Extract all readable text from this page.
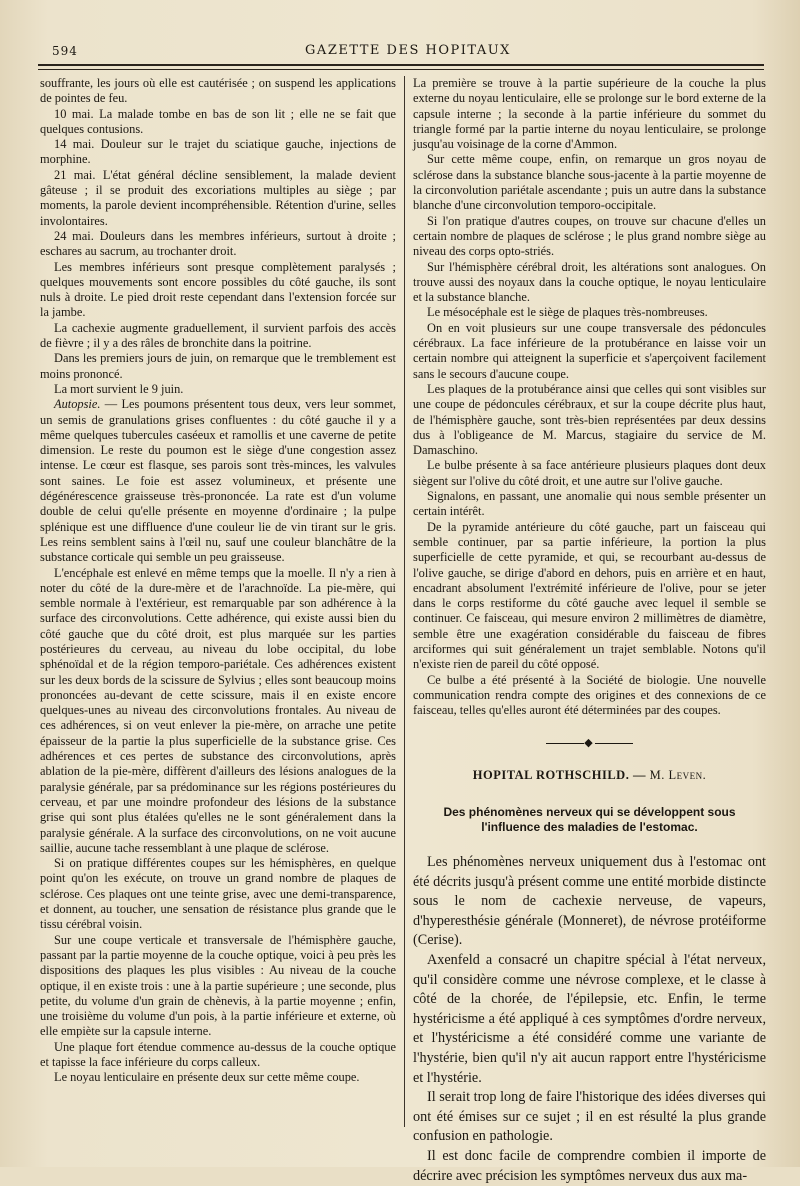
594	GAZETTE DES HOPITAUX

souffrante, les jours où elle est cautérisée ; on suspend les applications de pointes de feu.

10 mai. La malade tombe en bas de son lit ; elle ne se fait que quelques contusions.

14 mai. Douleur sur le trajet du sciatique gauche, injections de morphine.

21 mai. L'état général décline sensiblement, la malade devient gâteuse ; il se produit des excoriations multiples au siège ; par moments, la parole devient incompréhensible. Rétention d'urine, selles involontaires.

24 mai. Douleurs dans les membres inférieurs, surtout à droite ; eschares au sacrum, au trochanter droit.

Les membres inférieurs sont presque complètement paralysés ; quelques mouvements sont encore possibles du côté gauche, ils sont nuls à droite. Le pied droit reste cependant dans l'extension forcée sur la jambe.

La cachexie augmente graduellement, il survient parfois des accès de fièvre ; il y a des râles de bronchite dans la poitrine.

Dans les premiers jours de juin, on remarque que le tremblement est moins prononcé.

La mort survient le 9 juin.

Autopsie. — Les poumons présentent tous deux, vers leur sommet, un semis de granulations grises confluentes : du côté gauche il y a même quelques tubercules caséeux et ramollis et une caverne de petite dimension. Le reste du poumon est le siège d'une congestion assez intense. Le cœur est flasque, ses parois sont très-minces, les valvules sont saines. Le foie est assez volumineux, et présente une dégénérescence graisseuse très-prononcée. La rate est d'un volume double de celui qu'elle présente en moyenne d'ordinaire ; la pulpe splénique est une diffluence d'une couleur lie de vin tirant sur le gris. Les reins semblent sains à l'œil nu, sauf une couleur blanchâtre de la substance corticale qui semble un peu graisseuse.

L'encéphale est enlevé en même temps que la moelle. Il n'y a rien à noter du côté de la dure-mère et de l'arachnoïde. La pie-mère, qui semble normale à l'extérieur, est remarquable par son adhérence à la surface des circonvolutions. Cette adhérence, qui existe aussi bien du côté gauche que du côté droit, est plus marquée sur les parties postérieures du cerveau, au niveau du lobe occipital, du lobe sphénoïdal et de la région temporo-pariétale. Ces adhérences existent sur les deux bords de la scissure de Sylvius ; elles sont beaucoup moins prononcées au-devant de cette scissure, mais il en existe encore quelques-unes au niveau des circonvolutions frontales. Au niveau de ces adhérences, si on veut enlever la pie-mère, on arrache une petite épaisseur de la partie la plus superficielle de la substance grise. Ces adhérences et ces pertes de substance des circonvolutions, après ablation de la pie-mère, diffèrent d'ailleurs des lésions analogues de la paralysie générale, par sa prédominance sur les régions postérieures du cerveau, et par une moindre profondeur des lésions de la substance grise qui sont plus étalées qu'elles ne le sont généralement dans la paralysie générale. A la surface des circonvolutions, on ne voit aucune saillie, aucune tache ressemblant à une plaque de sclérose.

Si on pratique différentes coupes sur les hémisphères, en quelque point qu'on les exécute, on trouve un grand nombre de plaques de sclérose. Ces plaques ont une teinte grise, avec une demi-transparence, et donnent, au toucher, une sensation de résistance plus grande que le tissu cérébral voisin.

Sur une coupe verticale et transversale de l'hémisphère gauche, passant par la partie moyenne de la couche optique, voici à peu près les dispositions des plaques les plus visibles : Au niveau de la couche optique, il en existe trois : une à la partie supérieure ; une seconde, plus petite, du volume d'un grain de chènevis, à la partie moyenne ; enfin, une troisième du volume d'un pois, à la partie inférieure et externe, où elle empiète sur la capsule interne.

Une plaque fort étendue commence au-dessus de la couche optique et tapisse la face inférieure du corps calleux.

Le noyau lenticulaire en présente deux sur cette même coupe.

La première se trouve à la partie supérieure de la couche la plus externe du noyau lenticulaire, elle se prolonge sur le bord externe de la capsule interne ; la seconde à la partie inférieure du sommet du triangle formé par la partie interne du noyau lenticulaire, se prolonge jusqu'au voisinage de la corne d'Ammon.

Sur cette même coupe, enfin, on remarque un gros noyau de sclérose dans la substance blanche sous-jacente à la partie moyenne de la circonvolution pariétale ascendante ; puis un autre dans la substance blanche d'une circonvolution temporo-occipitale.

Si l'on pratique d'autres coupes, on trouve sur chacune d'elles un certain nombre de plaques de sclérose ; le plus grand nombre siège au niveau des corps opto-striés.

Sur l'hémisphère cérébral droit, les altérations sont analogues. On trouve aussi des noyaux dans la couche optique, le noyau lenticulaire et la substance blanche.

Le mésocéphale est le siège de plaques très-nombreuses.

On en voit plusieurs sur une coupe transversale des pédoncules cérébraux. La face inférieure de la protubérance en laisse voir un certain nombre qui atteignent la superficie et s'aperçoivent facilement sans le secours d'aucune coupe.

Les plaques de la protubérance ainsi que celles qui sont visibles sur une coupe de pédoncules cérébraux, et sur la coupe décrite plus haut, de l'hémisphère gauche, sont très-bien représentées par deux dessins dus à l'obligeance de M. Marcus, stagiaire du service de M. Damaschino.

Le bulbe présente à sa face antérieure plusieurs plaques dont deux siègent sur l'olive du côté droit, et une autre sur l'olive gauche.

Signalons, en passant, une anomalie qui nous semble présenter un certain intérêt.

De la pyramide antérieure du côté gauche, part un faisceau qui semble continuer, par sa partie inférieure, la portion la plus superficielle de cette pyramide, et qui, se recourbant au-dessus de l'olive gauche, se dirige d'abord en dehors, puis en arrière et en haut, encadrant absolument l'extrémité inférieure de l'olive, pour se jeter dans le corps restiforme du côté gauche avec lequel il semble se continuer. Ce faisceau, qui mesure environ 2 millimètres de diamètre, semble être une exagération considérable du faisceau de fibres arciformes qui suit généralement un trajet semblable. Notons qu'il n'existe rien de pareil du côté opposé.

Ce bulbe a été présenté à la Société de biologie. Une nouvelle communication rendra compte des origines et des connexions de ce faisceau, telles qu'elles auront été déterminées par des coupes.

◆
HOPITAL ROTHSCHILD. — M. Leven.
Des phénomènes nerveux qui se développent sous l'influence des maladies de l'estomac.

Les phénomènes nerveux uniquement dus à l'estomac ont été décrits jusqu'à présent comme une entité morbide distincte sous le nom de cachexie nerveuse, de vapeurs, d'hyperesthésie générale (Monneret), de névrose protéiforme (Cerise).

Axenfeld a consacré un chapitre spécial à l'état nerveux, qu'il considère comme une névrose complexe, et le classe à côté de la chorée, de l'épilepsie, etc. Enfin, le terme hystéricisme a été appliqué à ces symptômes d'ordre nerveux, et l'hystéricisme a été considéré comme une variante de l'hystérie, bien qu'il n'y ait aucun rapport entre l'hystéricisme et l'hystérie.

Il serait trop long de faire l'historique des idées diverses qui ont été émises sur ce sujet ; il en est résulté la plus grande confusion en pathologie.

Il est donc facile de comprendre combien il importe de décrire avec précision les symptômes nerveux dus aux ma-
